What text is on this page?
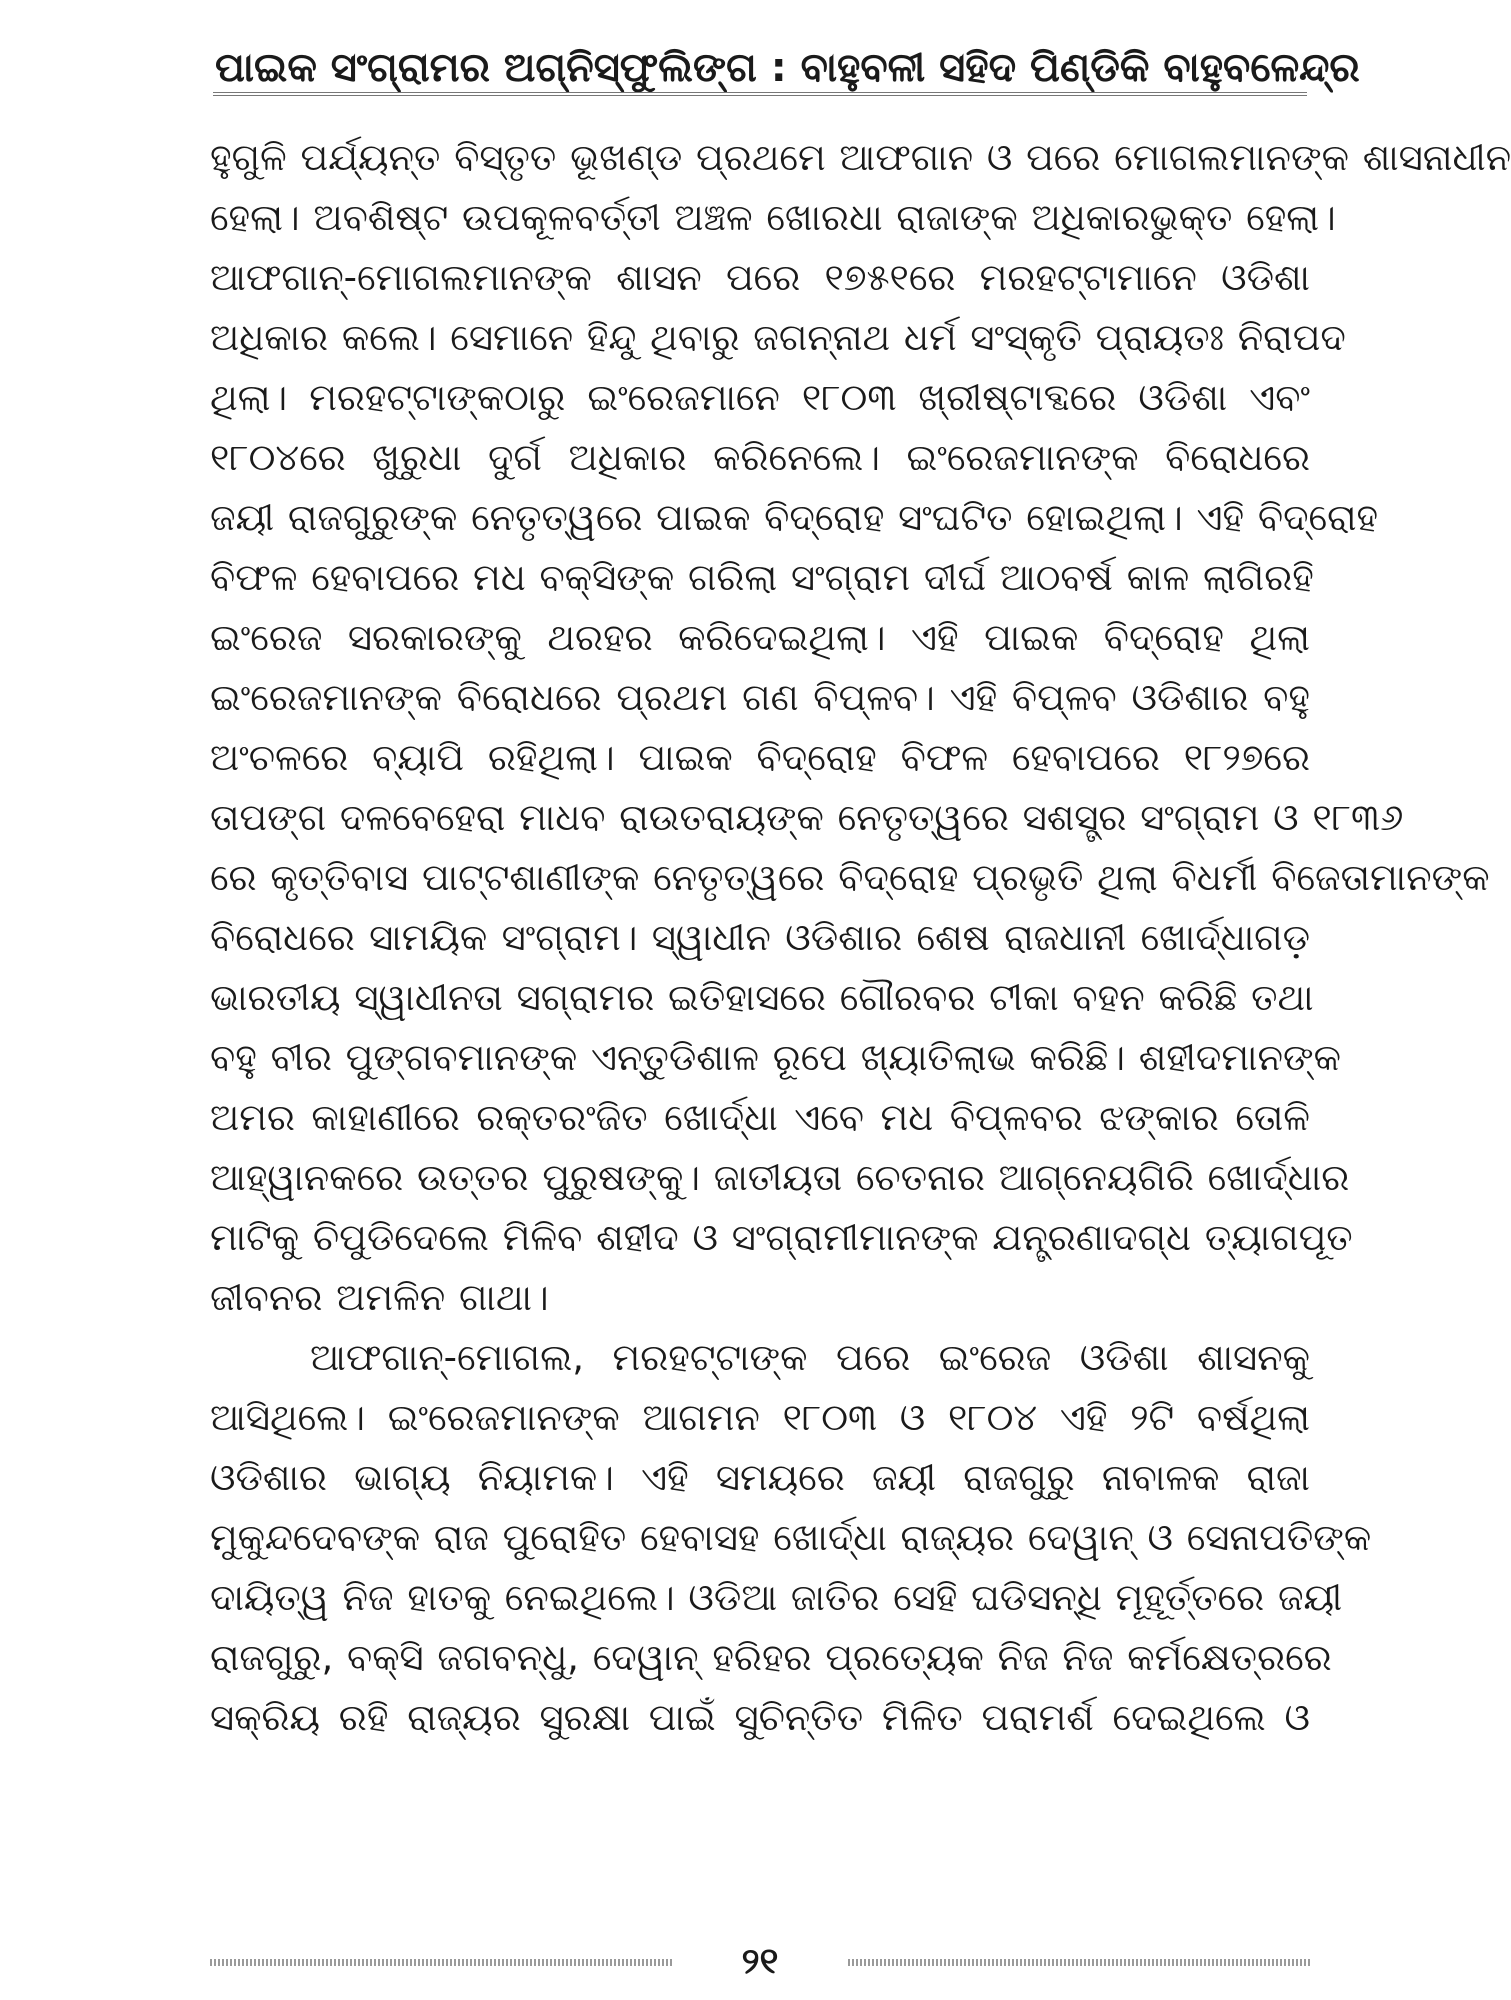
ପାଇକ ସଂଗ୍ରାମର ଅଗ୍ନିସ୍ଫୁଲିଙ୍ଗ : ବାହୁବଳୀ ସହିଦ ପିଣ୍ଡିକି ବାହୁବଳେନ୍ଦ୍ର
ହୁଗୁଳି ପର୍ଯ୍ୟନ୍ତ ବିସ୍ତୃତ ଭୂଖଣ୍ଡ ପ୍ରଥମେ ଆଫଗାନ ଓ ପରେ ମୋଗଲମାନଙ୍କ ଶାସନାଧୀନ
ହେଲା। ଅବଶିଷ୍ଟ ଉପକୂଳବର୍ତ୍ତୀ ଅଞ୍ଚଳ ଖୋରଧା ରାଜାଙ୍କ ଅଧିକାରଭୁକ୍ତ ହେଲା।
ଆଫଗାନ୍-ମୋଗଲମାନଙ୍କ ଶାସନ ପରେ ୧୭୫୧ରେ ମରହଟ୍ଟାମାନେ ଓଡିଶା
ଅଧିକାର କଲେ। ସେମାନେ ହିନ୍ଦୁ ଥିବାରୁ ଜଗନ୍ନାଥ ଧର୍ମ ସଂସ୍କୃତି ପ୍ରାୟତଃ ନିରାପଦ
ଥିଲା। ମରହଟ୍ଟାଙ୍କଠାରୁ ଇଂରେଜମାନେ ୧୮୦୩ ଖ୍ରୀଷ୍ଟାବ୍ଦରେ ଓଡିଶା ଏବଂ
୧୮୦୪ରେ ଖୁରୁଧା ଦୁର୍ଗ ଅଧିକାର କରିନେଲେ। ଇଂରେଜମାନଙ୍କ ବିରୋଧରେ
ଜୟୀ ରାଜଗୁରୁଙ୍କ ନେତୃତ୍ୱରେ ପାଇକ ବିଦ୍ରୋହ ସଂଘଟିତ ହୋଇଥିଲା। ଏହି ବିଦ୍ରୋହ
ବିଫଳ ହେବାପରେ ମଧ ବକ୍ସିଙ୍କ ଗରିଲା ସଂଗ୍ରାମ ଦୀର୍ଘ ଆଠବର୍ଷ କାଳ ଲାଗିରହି
ଇଂରେଜ ସରକାରଙ୍କୁ ଥରହର କରିଦେଇଥିଲା। ଏହି ପାଇକ ବିଦ୍ରୋହ ଥିଲା
ଇଂରେଜମାନଙ୍କ ବିରୋଧରେ ପ୍ରଥମ ଗଣ ବିପ୍ଳବ। ଏହି ବିପ୍ଳବ ଓଡିଶାର ବହୁ
ଅଂଚଳରେ ବ୍ୟାପି ରହିଥିଲା। ପାଇକ ବିଦ୍ରୋହ ବିଫଳ ହେବାପରେ ୧୮୨୭ରେ
ତାପଙ୍ଗ ଦଳବେହେରା ମାଧବ ରାଉତରାୟଙ୍କ ନେତୃତ୍ୱରେ ସଶସ୍ତ୍ର ସଂଗ୍ରାମ ଓ ୧୮୩୬
ରେ କୃତ୍ତିବାସ ପାଟ୍ଟଶାଣୀଙ୍କ ନେତୃତ୍ୱରେ ବିଦ୍ରୋହ ପ୍ରଭୃତି ଥିଲା ବିଧର୍ମୀ ବିଜେତାମାନଙ୍କ
ବିରୋଧରେ ସାମୟିକ ସଂଗ୍ରାମ। ସ୍ୱାଧୀନ ଓଡିଶାର ଶେଷ ରାଜଧାନୀ ଖୋର୍ଦ୍ଧାଗଡ଼
ଭାରତୀୟ ସ୍ୱାଧୀନତା ସଗ୍ରାମର ଇତିହାସରେ ଗୌରବର ଟୀକା ବହନ କରିଛି ତଥା
ବହୁ ବୀର ପୁଙ୍ଗବମାନଙ୍କ ଏନ୍ତୁଡିଶାଳ ରୂପେ ଖ୍ୟାତିଲାଭ କରିଛି। ଶହୀଦମାନଙ୍କ
ଅମର କାହାଣୀରେ ରକ୍ତରଂଜିତ ଖୋର୍ଦ୍ଧା ଏବେ ମଧ ବିପ୍ଳବର ଝଙ୍କାର ତୋଳି
ଆହ୍ୱାନକରେ ଉତ୍ତର ପୁରୁଷଙ୍କୁ। ଜାତୀୟତା ଚେତନାର ଆଗ୍ନେୟଗିରି ଖୋର୍ଦ୍ଧାର
ମାଟିକୁ ଚିପୁଡିଦେଲେ ମିଳିବ ଶହୀଦ ଓ ସଂଗ୍ରାମୀମାନଙ୍କ ଯନ୍ତ୍ରଣାଦଗ୍ଧ ତ୍ୟାଗପୂତ
ଜୀବନର ଅମଳିନ ଗାଥା।
ଆଫଗାନ୍-ମୋଗଲ, ମରହଟ୍ଟାଙ୍କ ପରେ ଇଂରେଜ ଓଡିଶା ଶାସନକୁ
ଆସିଥିଲେ। ଇଂରେଜମାନଙ୍କ ଆଗମନ ୧୮୦୩ ଓ ୧୮୦୪ ଏହି ୨ଟି ବର୍ଷଥିଲା
ଓଡିଶାର ଭାଗ୍ୟ ନିୟାମକ। ଏହି ସମୟରେ ଜୟୀ ରାଜଗୁରୁ ନାବାଳକ ରାଜା
ମୁକୁନ୍ଦଦେବଙ୍କ ରାଜ ପୁରୋହିତ ହେବାସହ ଖୋର୍ଦ୍ଧା ରାଜ୍ୟର ଦେୱାନ୍ ଓ ସେନାପତିଙ୍କ
ଦାୟିତ୍ୱ ନିଜ ହାତକୁ ନେଇଥିଲେ। ଓଡିଆ ଜାତିର ସେହି ଘଡିସନ୍ଧି ମୂହୂର୍ତ୍ତରେ ଜୟୀ
ରାଜଗୁରୁ, ବକ୍ସି ଜଗବନ୍ଧୁ, ଦେୱାନ୍ ହରିହର ପ୍ରତ୍ୟେକ ନିଜ ନିଜ କର୍ମକ୍ଷେତ୍ରରେ
ସକ୍ରିୟ ରହି ରାଜ୍ୟର ସୁରକ୍ଷା ପାଇଁ ସୁଚିନ୍ତିତ ମିଳିତ ପରାମର୍ଶ ଦେଇଥିଲେ ଓ
୨୧
